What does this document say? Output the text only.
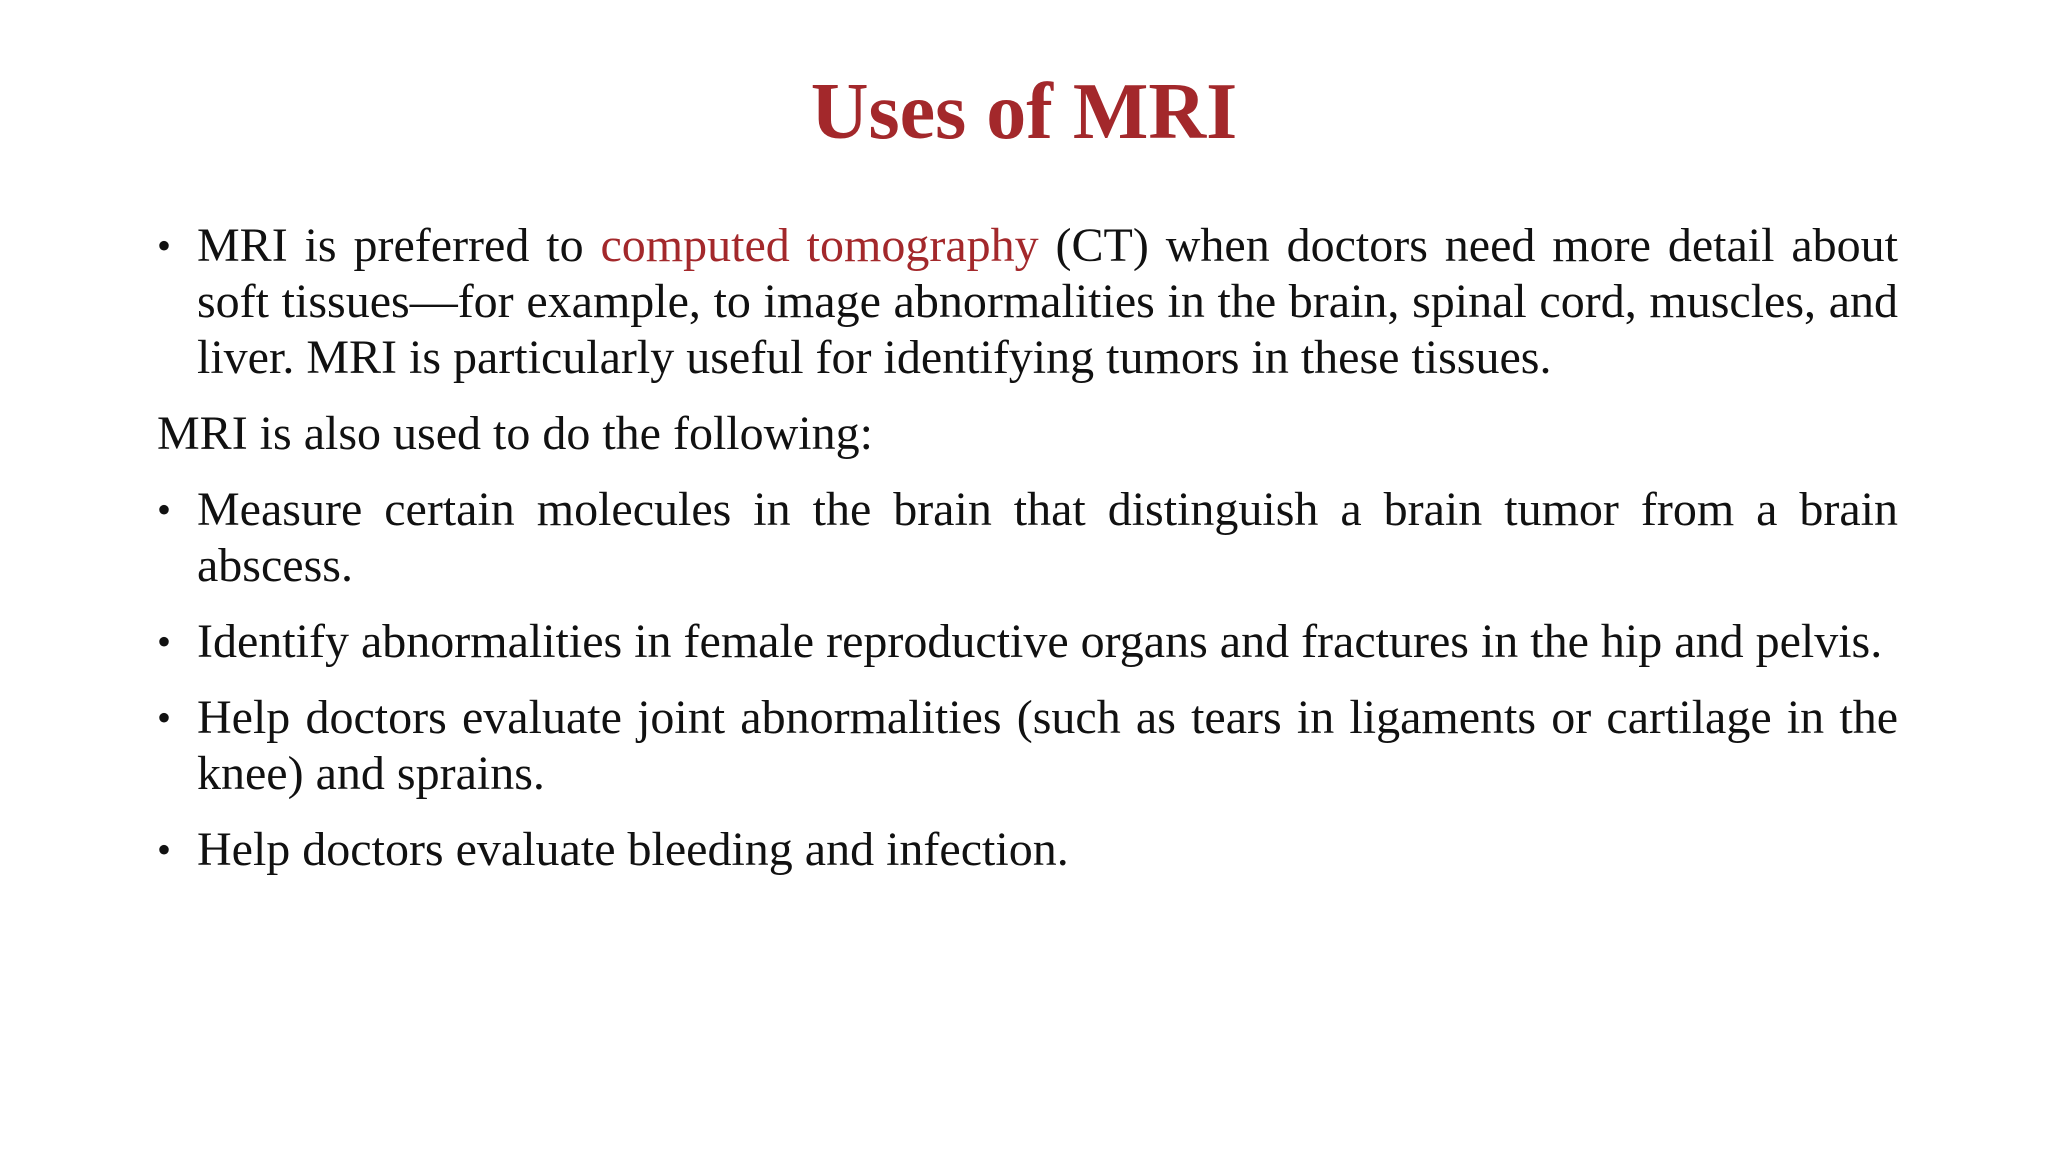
Uses of MRI

• MRI is preferred to computed tomography (CT) when doctors need more detail about soft tissues—for example, to image abnormalities in the brain, spinal cord, muscles, and liver. MRI is particularly useful for identifying tumors in these tissues.

MRI is also used to do the following:

• Measure certain molecules in the brain that distinguish a brain tumor from a brain abscess.

• Identify abnormalities in female reproductive organs and fractures in the hip and pelvis.

• Help doctors evaluate joint abnormalities (such as tears in ligaments or cartilage in the knee) and sprains.

• Help doctors evaluate bleeding and infection.
